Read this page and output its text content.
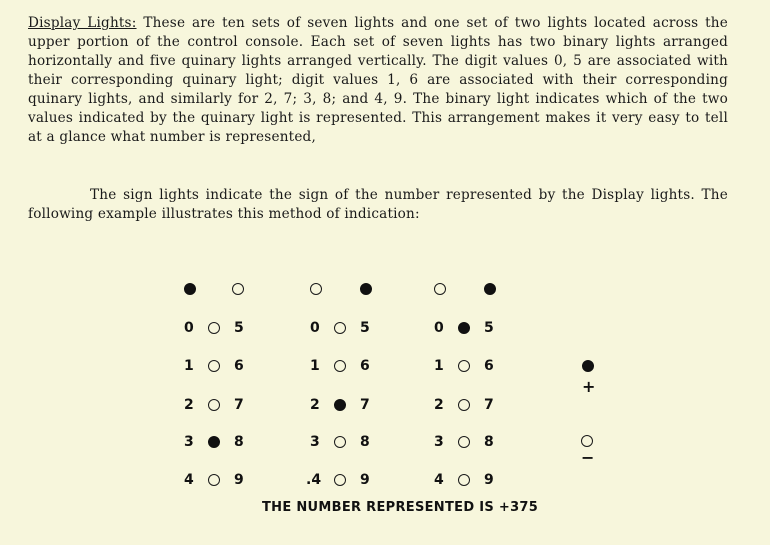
Display Lights: These are ten sets of seven lights and one set of two lights located across the upper portion of the control console. Each set of seven lights has two binary lights arranged horizontally and five quinary lights arranged vertically. The digit values 0, 5 are associated with their corresponding quinary light; digit values 1, 6 are associated with their corresponding quinary lights, and similarly for 2, 7; 3, 8; and 4, 9. The binary light indicates which of the two values indicated by the quinary light is represented. This arrangement makes it very easy to tell at a glance what number is represented,

The sign lights indicate the sign of the number represented by the Display lights. The following example illustrates this method of indication:

+
−
THE NUMBER REPRESENTED IS +375
0	5
1	6
2	7
3	8
4	9
0	5
1	6
2	7
3	8
.4	9
0	5
1	6
2	7
3	8
4	9
